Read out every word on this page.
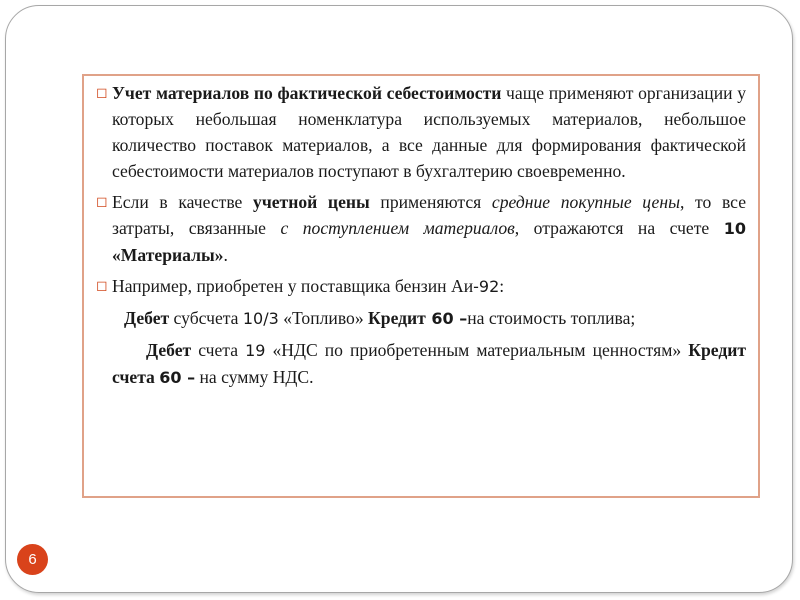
◻ Учет материалов по фактической себестоимости чаще применяют организации у которых небольшая номенклатура используемых материалов, небольшое количество поставок материалов, а все данные для формирования фактической себестоимости материалов поступают в бухгалтерию своевременно.
◻ Если в качестве учетной цены применяются средние покупные цены, то все затраты, связанные с поступлением материалов, отражаются на счете 10 «Материалы».
◻ Например, приобретен у поставщика бензин Аи-92:
Дебет субсчета 10/3 «Топливо» Кредит 60 –на стоимость топлива;
Дебет счета 19 «НДС по приобретенным материальным ценностям» Кредит счета 60 – на сумму НДС.
6
